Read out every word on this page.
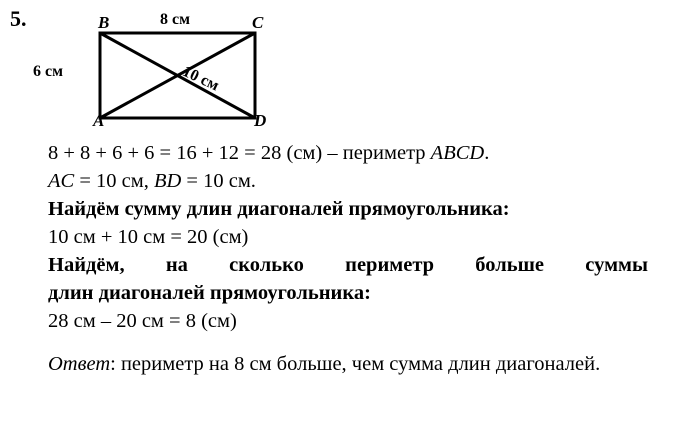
5.	B	C
A	D
8 см
6 см	10 см
8 + 8 + 6 + 6 = 16 + 12 = 28 (см) – периметр ABCD.
AC = 10 см, BD = 10 см.
Найдём сумму длин диагоналей прямоугольника:
10 см + 10 см = 20 (см)
Найдём, на сколько периметр больше суммы
длин диагоналей прямоугольника:
28 см – 20 см = 8 (см)
Ответ: периметр на 8 см больше, чем сумма длин диагоналей.
